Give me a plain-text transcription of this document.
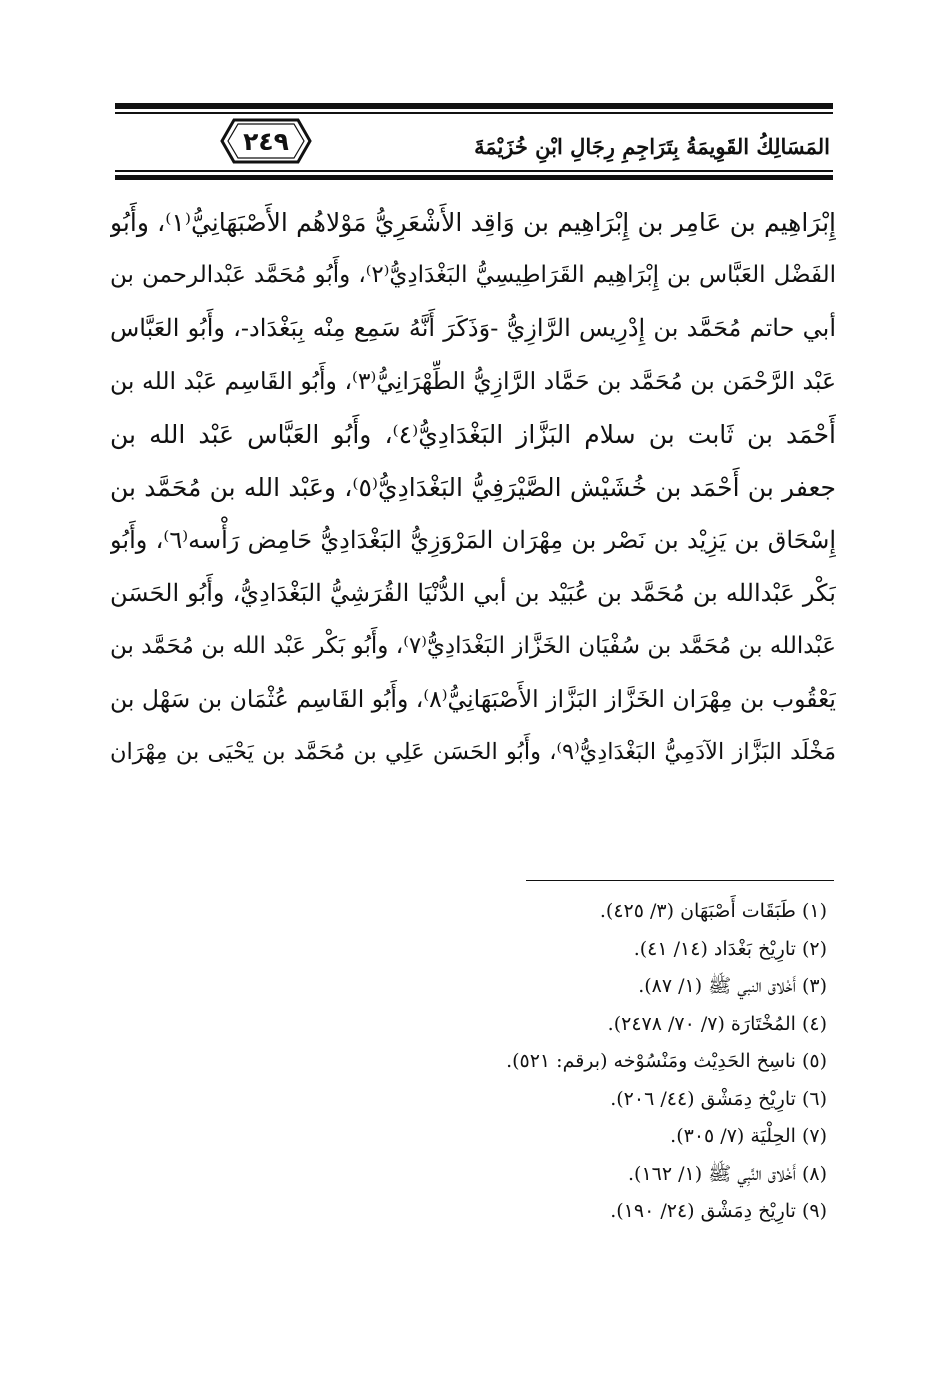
٢٤٩	المَسَالِكُ القَوِيمَةُ بِتَرَاجِمِ رِجَالِ ابْنِ خُزَيْمَةَ
إِبْرَاهِيم بن عَامِر بن إِبْرَاهِيم بن وَاقِد الأَشْعَرِيُّ مَوْلاهُم الأَصْبَهَانِيُّ⁽١⁾، وأَبُو
الفَضْل العَبَّاس بن إِبْرَاهِيم القَرَاطِيسِيُّ البَغْدَادِيُّ⁽٢⁾، وأَبُو مُحَمَّد عَبْدالرحمن بن
أبي حاتم مُحَمَّد بن إِدْرِيس الرَّازِيُّ -وَذَكَرَ أَنَّهُ سَمِع مِنْه بِبَغْدَاد-، وأَبُو العَبَّاس
عَبْد الرَّحْمَن بن مُحَمَّد بن حَمَّاد الرَّازِيُّ الطِّهْرَانِيُّ⁽٣⁾، وأَبُو القَاسِم عَبْد الله بن
أَحْمَد بن ثَابت بن سلام البَزَّاز البَغْدَادِيُّ⁽٤⁾، وأَبُو العَبَّاس عَبْد الله بن
جعفر بن أَحْمَد بن خُشَيْش الصَّيْرَفِيُّ البَغْدَادِيُّ⁽٥⁾، وعَبْد الله بن مُحَمَّد بن
إِسْحَاق بن يَزِيْد بن نَصْر بن مِهْرَان المَرْوَزِيُّ البَغْدَادِيُّ حَامِض رَأْسه⁽٦⁾، وأَبُو
بَكْر عَبْدالله بن مُحَمَّد بن عُبَيْد بن أبي الدُّنْيَا القُرَشِيُّ البَغْدَادِيُّ، وأَبُو الحَسَن
عَبْدالله بن مُحَمَّد بن سُفْيَان الخَزَّاز البَغْدَادِيُّ⁽٧⁾، وأَبُو بَكْر عَبْد الله بن مُحَمَّد بن
يَعْقُوب بن مِهْرَان الخَزَّاز البَزَّاز الأَصْبَهَانِيُّ⁽٨⁾، وأَبُو القَاسِم عُثْمَان بن سَهْل بن
مَخْلَد البَزَّاز الآدَمِيُّ البَغْدَادِيُّ⁽٩⁾، وأَبُو الحَسَن عَلِي بن مُحَمَّد بن يَحْيَى بن مِهْرَان
(١) طَبَقَات أَصْبَهَان (٣/ ٤٢٥).
(٢) تارِيْخ بَغْدَاد (١٤/ ٤١).
(٣) أَخْلاق النبي ﷺ (١/ ٨٧).
(٤) المُخْتَارَة (٧/ ٧٠/ ٢٤٧٨).
(٥) ناسِخ الحَدِيْث ومَنْسُوْخه (برقم: ٥٢١).
(٦) تارِيْخ دِمَشْق (٤٤/ ٢٠٦).
(٧) الحِلْيَة (٧/ ٣٠٥).
(٨) أَخْلاق النَّبِي ﷺ (١/ ١٦٢).
(٩) تارِيْخ دِمَشْق (٢٤/ ١٩٠).
